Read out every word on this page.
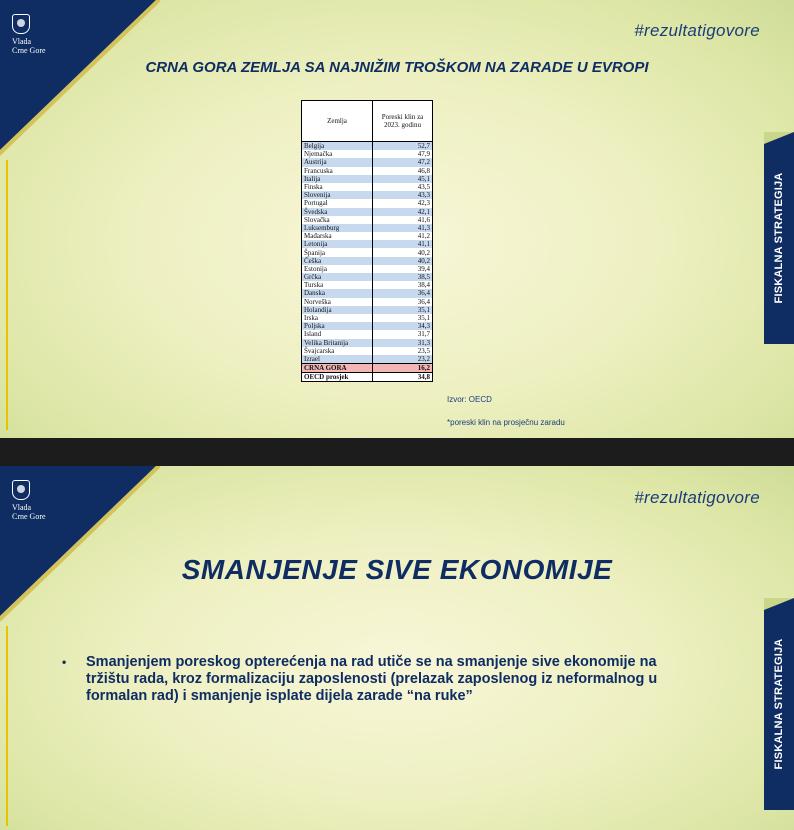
Vlada
Crne Gore
#rezultatigovore
CRNA GORA ZEMLJA SA NAJNIŽIM TROŠKOM NA ZARADE U EVROPI
Zemlja	Poreski klin za 2023. godinu
Belgija	52,7
Njemačka	47,9
Austrija	47,2
Francuska	46,8
Italija	45,1
Finska	43,5
Slovenija	43,3
Portugal	42,3
Švedska	42,1
Slovačka	41,6
Luksemburg	41,3
Mađarska	41,2
Letonija	41,1
Španija	40,2
Češka	40,2
Estonija	39,4
Grčka	38,5
Turska	38,4
Danska	36,4
Norveška	36,4
Holandija	35,1
Irska	35,1
Poljska	34,3
Island	31,7
Velika Britanija	31,3
Švajcarska	23,5
Izrael	23,2
CRNA GORA	16,2
OECD prosjek	34,8
Izvor: OECD
*poreski klin na prosječnu zaradu
FISKALNA STRATEGIJA
Vlada
Crne Gore
#rezultatigovore
SMANJENJE SIVE EKONOMIJE
• Smanjenjem poreskog opterećenja na rad utiče se na smanjenje sive ekonomije na tržištu rada, kroz formalizaciju zaposlenosti (prelazak zaposlenog iz neformalnog u formalan rad) i smanjenje isplate dijela zarade “na ruke”	FISKALNA STRATEGIJA
